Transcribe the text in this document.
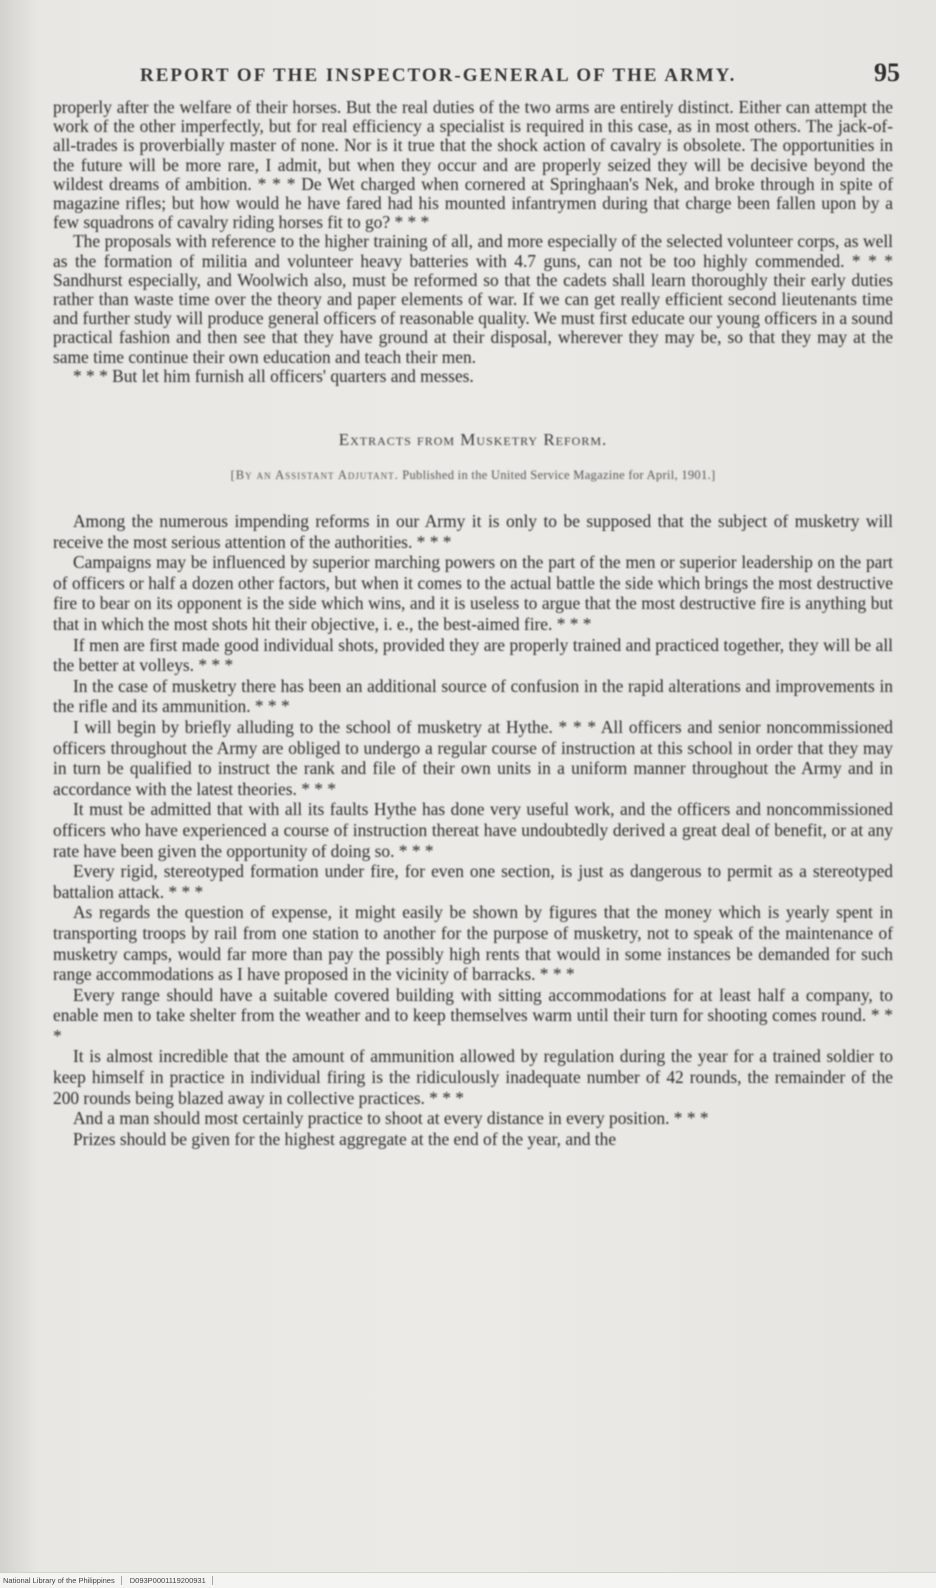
REPORT OF THE INSPECTOR-GENERAL OF THE ARMY.	95

properly after the welfare of their horses. But the real duties of the two arms are entirely distinct. Either can attempt the work of the other imperfectly, but for real efficiency a specialist is required in this case, as in most others. The jack-of-all-trades is proverbially master of none. Nor is it true that the shock action of cavalry is obsolete. The opportunities in the future will be more rare, I admit, but when they occur and are properly seized they will be decisive beyond the wildest dreams of ambition. * * * De Wet charged when cornered at Springhaan's Nek, and broke through in spite of magazine rifles; but how would he have fared had his mounted infantrymen during that charge been fallen upon by a few squadrons of cavalry riding horses fit to go? * * *

The proposals with reference to the higher training of all, and more especially of the selected volunteer corps, as well as the formation of militia and volunteer heavy batteries with 4.7 guns, can not be too highly commended. * * * Sandhurst especially, and Woolwich also, must be reformed so that the cadets shall learn thoroughly their early duties rather than waste time over the theory and paper elements of war. If we can get really efficient second lieutenants time and further study will produce general officers of reasonable quality. We must first educate our young officers in a sound practical fashion and then see that they have ground at their disposal, wherever they may be, so that they may at the same time continue their own education and teach their men.

* * * But let him furnish all officers' quarters and messes.

Extracts from Musketry Reform.
[By an Assistant Adjutant. Published in the United Service Magazine for April, 1901.]

Among the numerous impending reforms in our Army it is only to be supposed that the subject of musketry will receive the most serious attention of the authorities. * * *

Campaigns may be influenced by superior marching powers on the part of the men or superior leadership on the part of officers or half a dozen other factors, but when it comes to the actual battle the side which brings the most destructive fire to bear on its opponent is the side which wins, and it is useless to argue that the most destructive fire is anything but that in which the most shots hit their objective, i. e., the best-aimed fire. * * *

If men are first made good individual shots, provided they are properly trained and practiced together, they will be all the better at volleys. * * *

In the case of musketry there has been an additional source of confusion in the rapid alterations and improvements in the rifle and its ammunition. * * *

I will begin by briefly alluding to the school of musketry at Hythe. * * * All officers and senior noncommissioned officers throughout the Army are obliged to undergo a regular course of instruction at this school in order that they may in turn be qualified to instruct the rank and file of their own units in a uniform manner throughout the Army and in accordance with the latest theories. * * *

It must be admitted that with all its faults Hythe has done very useful work, and the officers and noncommissioned officers who have experienced a course of instruction thereat have undoubtedly derived a great deal of benefit, or at any rate have been given the opportunity of doing so. * * *

Every rigid, stereotyped formation under fire, for even one section, is just as dangerous to permit as a stereotyped battalion attack. * * *

As regards the question of expense, it might easily be shown by figures that the money which is yearly spent in transporting troops by rail from one station to another for the purpose of musketry, not to speak of the maintenance of musketry camps, would far more than pay the possibly high rents that would in some instances be demanded for such range accommodations as I have proposed in the vicinity of barracks. * * *

Every range should have a suitable covered building with sitting accommodations for at least half a company, to enable men to take shelter from the weather and to keep themselves warm until their turn for shooting comes round. * * *

It is almost incredible that the amount of ammunition allowed by regulation during the year for a trained soldier to keep himself in practice in individual firing is the ridiculously inadequate number of 42 rounds, the remainder of the 200 rounds being blazed away in collective practices. * * *

And a man should most certainly practice to shoot at every distance in every position. * * *

Prizes should be given for the highest aggregate at the end of the year, and the

National Library of the Philippines	D093P0001119200931
